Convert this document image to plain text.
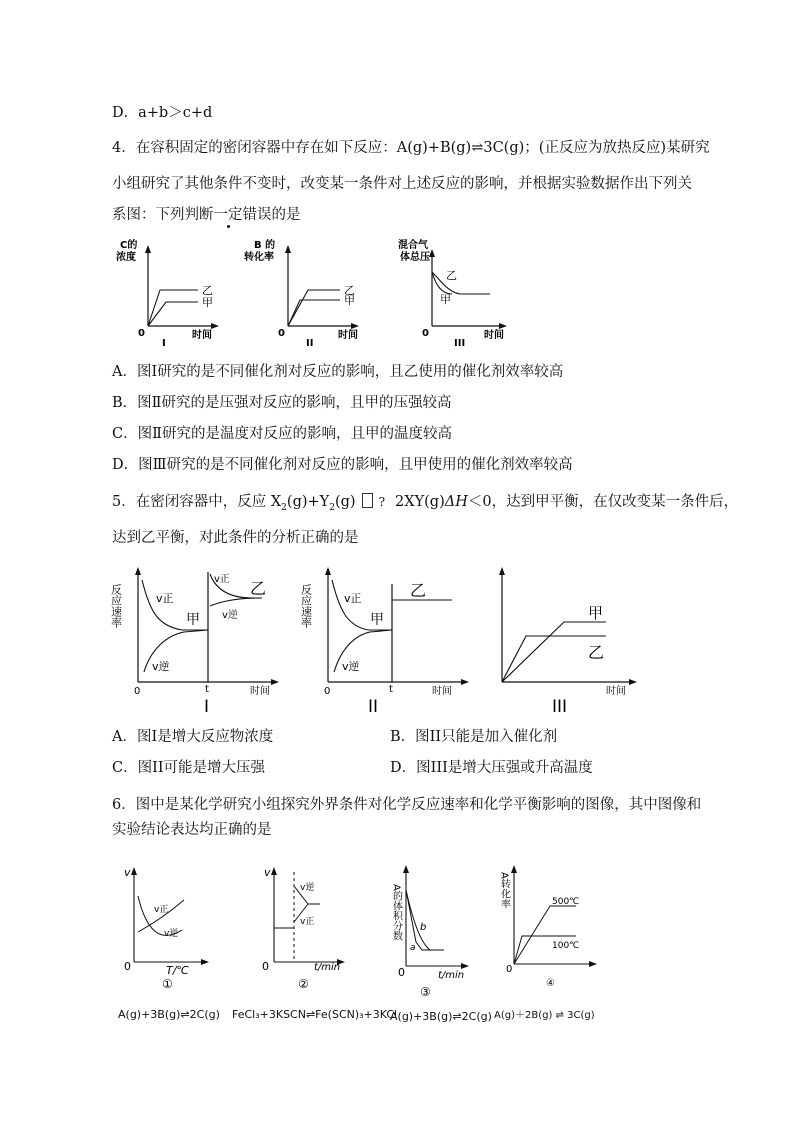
D．a+b＞c+d
4．在容积固定的密闭容器中存在如下反应：A(g)+B(g)⇌3C(g)；(正反应为放热反应)某研究
小组研究了其他条件不变时，改变某一条件对上述反应的影响，并根据实验数据作出下列关
系图：下列判断一定错误的是
C的
浓度
乙
甲
0	时间
I
B 的
转化率
乙
甲
0	时间
II
混合气
体总压
乙
甲
0	时间
III
A．图I研究的是不同催化剂对反应的影响，且乙使用的催化剂效率较高
B．图Ⅱ研究的是压强对反应的影响，且甲的压强较高
C．图Ⅱ研究的是温度对反应的影响，且甲的温度较高
D．图Ⅲ研究的是不同催化剂对反应的影响，且甲使用的催化剂效率较高
5．在密闭容器中，反应 $X_2(g)+Y_2(g)$ ? 2XY(g)ΔH＜0，达到甲平衡，在仅改变某一条件后，
达到乙平衡，对此条件的分析正确的是
反应速率	v正
v逆
v正
v逆
甲
乙
0	t	时间
I
反应速率	v正
v逆
甲
乙
0	t	时间
II
甲
乙
时间
III
A．图I是增大反应物浓度	B．图II只能是加入催化剂
C．图II可能是增大压强	D．图III是增大压强或升高温度
6．图中是某化学研究小组探究外界条件对化学反应速率和化学平衡影响的图像，其中图像和
实验结论表达均正确的是
v
v正
v逆
0	T/℃
①
A(g)+3B(g)⇌2C(g)
v
v逆
v正
0	t/min
②
FeCl₃+3KSCN⇌Fe(SCN)₃+3KCl
A的体积分数
a
b
0	t/min
③
A(g)+3B(g)⇌2C(g)
A转化率	500℃
100℃
0
④
A(g)＋2B(g) ⇌ 3C(g)
